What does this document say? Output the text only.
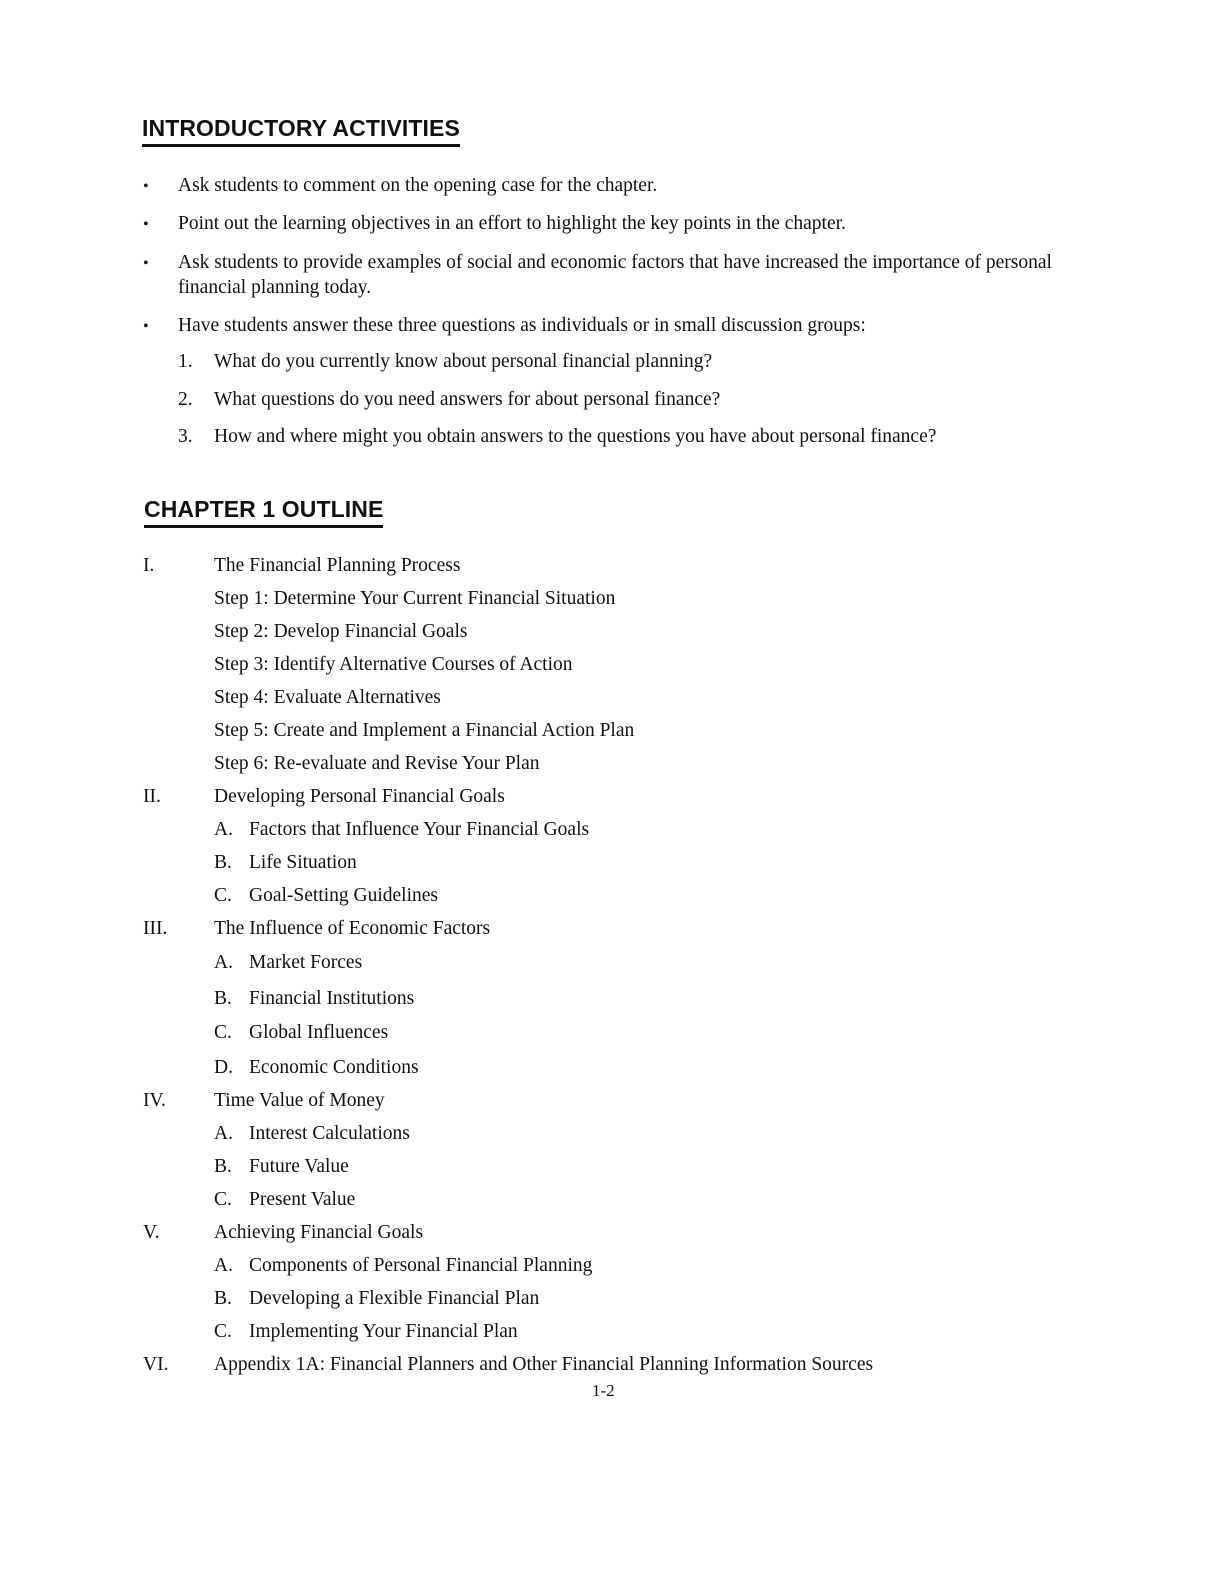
INTRODUCTORY ACTIVITIES
• Ask students to comment on the opening case for the chapter.
• Point out the learning objectives in an effort to highlight the key points in the chapter.
• Ask students to provide examples of social and economic factors that have increased the importance of personal financial planning today.
• Have students answer these three questions as individuals or in small discussion groups:
1. What do you currently know about personal financial planning?
2. What questions do you need answers for about personal finance?
3. How and where might you obtain answers to the questions you have about personal finance?
CHAPTER 1 OUTLINE
I.	The Financial Planning Process
Step 1: Determine Your Current Financial Situation
Step 2: Develop Financial Goals
Step 3: Identify Alternative Courses of Action
Step 4: Evaluate Alternatives
Step 5: Create and Implement a Financial Action Plan
Step 6: Re-evaluate and Revise Your Plan
II.	Developing Personal Financial Goals
A. Factors that Influence Your Financial Goals
B. Life Situation
C. Goal-Setting Guidelines
III. The Influence of Economic Factors
A. Market Forces
B. Financial Institutions
C. Global Influences
D. Economic Conditions
IV. Time Value of Money
A. Interest Calculations
B. Future Value
C. Present Value
V.	Achieving Financial Goals
A. Components of Personal Financial Planning
B. Developing a Flexible Financial Plan
C. Implementing Your Financial Plan
VI. Appendix 1A: Financial Planners and Other Financial Planning Information Sources
1-2
